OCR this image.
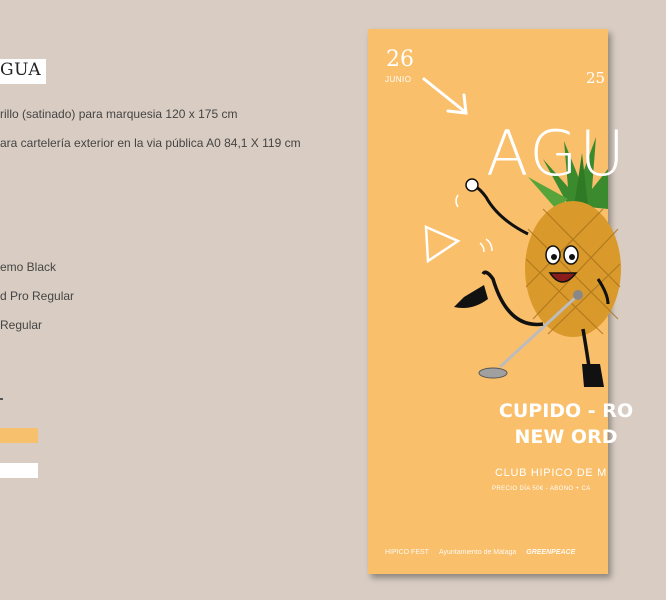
GUA
rillo (satinado) para marquesia 120 x 175 cm
ara cartelería exterior en la via pública A0 84,1 X 119 cm
emo Black
d Pro Regular
Regular
26
JUNIO	25
AGU
CUPIDO - RO
NEW ORD
CLUB HIPICO DE M
PRECIO DÍA 50€ - ABONO + CA
HIPICO FEST Ayuntamiento de Málaga GREENPEACE
